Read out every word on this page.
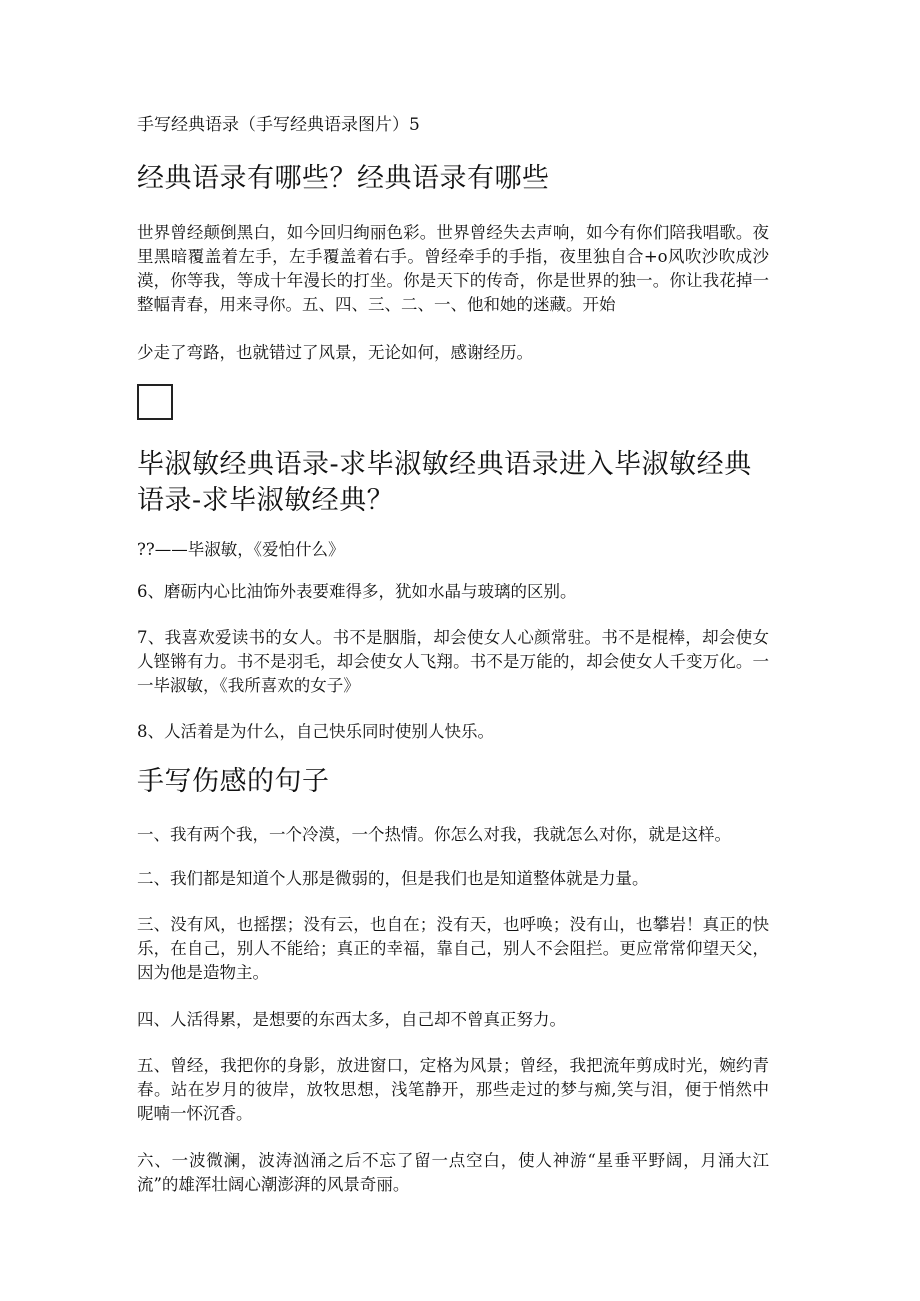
手写经典语录（手写经典语录图片）5
经典语录有哪些？经典语录有哪些

世界曾经颠倒黑白，如今回归绚丽色彩。世界曾经失去声响，如今有你们陪我唱歌。夜里黑暗覆盖着左手，左手覆盖着右手。曾经牵手的手指，夜里独自合+o风吹沙吹成沙漠，你等我，等成十年漫长的打坐。你是天下的传奇，你是世界的独一。你让我花掉一整幅青春，用来寻你。五、四、三、二、一、他和她的迷藏。开始

少走了弯路，也就错过了风景，无论如何，感谢经历。

毕淑敏经典语录-求毕淑敏经典语录进入毕淑敏经典语录-求毕淑敏经典？

??——毕淑敏，《爱怕什么》

6、磨砺内心比油饰外表要难得多，犹如水晶与玻璃的区别。

7、我喜欢爱读书的女人。书不是胭脂，却会使女人心颜常驻。书不是棍棒，却会使女人铿锵有力。书不是羽毛，却会使女人飞翔。书不是万能的，却会使女人千变万化。一一毕淑敏，《我所喜欢的女子》

8、人活着是为什么，自己快乐同时使别人快乐。

手写伤感的句子

一、我有两个我，一个冷漠，一个热情。你怎么对我，我就怎么对你，就是这样。

二、我们都是知道个人那是微弱的，但是我们也是知道整体就是力量。

三、没有风，也摇摆；没有云，也自在；没有天，也呼唤；没有山，也攀岩！真正的快乐，在自己，别人不能给；真正的幸福，靠自己，别人不会阻拦。更应常常仰望天父，因为他是造物主。

四、人活得累，是想要的东西太多，自己却不曾真正努力。

五、曾经，我把你的身影，放进窗口，定格为风景；曾经，我把流年剪成时光，婉约青春。站在岁月的彼岸，放牧思想，浅笔静开，那些走过的梦与痴,笑与泪，便于悄然中呢喃一怀沉香。

六、一波微澜，波涛汹涌之后不忘了留一点空白，使人神游“星垂平野阔，月涌大江流”的雄浑壮阔心潮澎湃的风景奇丽。
